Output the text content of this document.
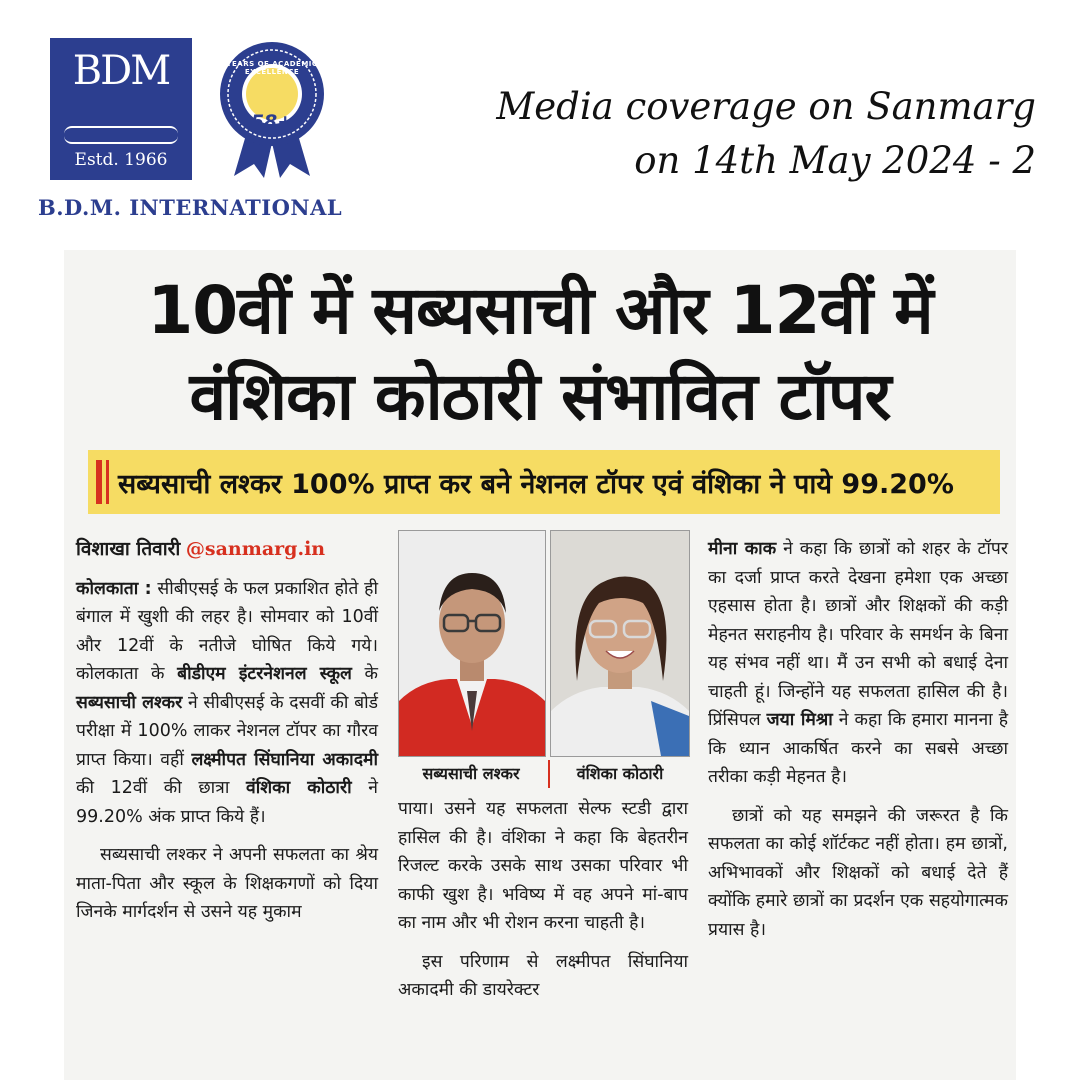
BDM
Estd. 1966
B.D.M. INTERNATIONAL
YEARS OF ACADEMIC EXCELLENCE
58+	Media coverage on Sanmarg
on 14th May 2024 - 2
10वीं में सब्यसाची और 12वीं में
वंशिका कोठारी संभावित टॉपर
सब्यसाची लश्कर 100% प्राप्त कर बने नेशनल टॉपर एवं वंशिका ने पाये 99.20%

विशाखा तिवारी @sanmarg.in

कोलकाता : सीबीएसई के फल प्रकाशित होते ही बंगाल में खुशी की लहर है। सोमवार को 10वीं और 12वीं के नतीजे घोषित किये गये। कोलकाता के बीडीएम इंटरनेशनल स्कूल के सब्यसाची लश्कर ने सीबीएसई के दसवीं की बोर्ड परीक्षा में 100% लाकर नेशनल टॉपर का गौरव प्राप्त किया। वहीं लक्ष्मीपत सिंघानिया अकादमी की 12वीं की छात्रा वंशिका कोठारी ने 99.20% अंक प्राप्त किये हैं।

सब्यसाची लश्कर ने अपनी सफलता का श्रेय माता-पिता और स्कूल के शिक्षकगणों को दिया जिनके मार्गदर्शन से उसने यह मुकाम

सब्यसाची लश्कर	वंशिका कोठारी

पाया। उसने यह सफलता सेल्फ स्टडी द्वारा हासिल की है। वंशिका ने कहा कि बेहतरीन रिजल्ट करके उसके साथ उसका परिवार भी काफी खुश है। भविष्य में वह अपने मां-बाप का नाम और भी रोशन करना चाहती है।

इस परिणाम से लक्ष्मीपत सिंघानिया अकादमी की डायरेक्टर

मीना काक ने कहा कि छात्रों को शहर के टॉपर का दर्जा प्राप्त करते देखना हमेशा एक अच्छा एहसास होता है। छात्रों और शिक्षकों की कड़ी मेहनत सराहनीय है। परिवार के समर्थन के बिना यह संभव नहीं था। मैं उन सभी को बधाई देना चाहती हूं। जिन्होंने यह सफलता हासिल की है। प्रिंसिपल जया मिश्रा ने कहा कि हमारा मानना है कि ध्यान आकर्षित करने का सबसे अच्छा तरीका कड़ी मेहनत है।

छात्रों को यह समझने की जरूरत है कि सफलता का कोई शॉर्टकट नहीं होता। हम छात्रों, अभिभावकों और शिक्षकों को बधाई देते हैं क्योंकि हमारे छात्रों का प्रदर्शन एक सहयोगात्मक प्रयास है।
